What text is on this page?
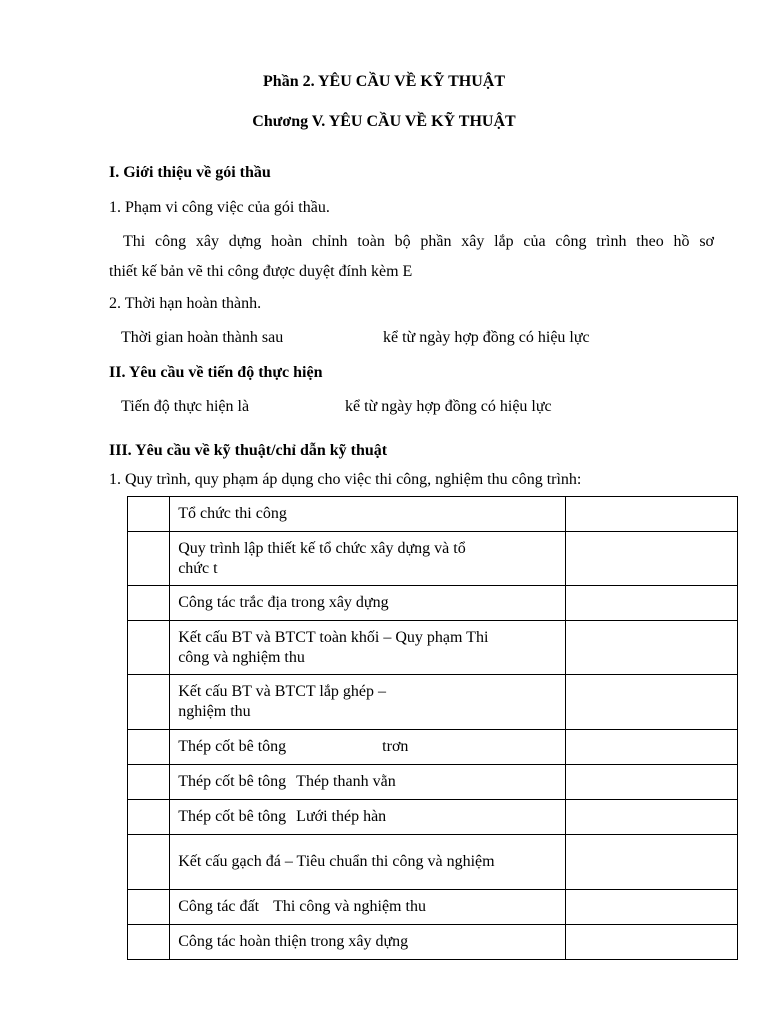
Phần 2. YÊU CẦU VỀ KỸ THUẬT
Chương V. YÊU CẦU VỀ KỸ THUẬT
I. Giới thiệu về gói thầu
1. Phạm vi công việc của gói thầu.
Thi công xây dựng hoàn chỉnh toàn bộ phần xây lắp của công trình theo hồ sơ
thiết kế bản vẽ thi công được duyệt đính kèm E
2. Thời hạn hoàn thành.
Thời gian hoàn thành sau	kể từ ngày hợp đồng có hiệu lực
II. Yêu cầu về tiến độ thực hiện
Tiến độ thực hiện là	kể từ ngày hợp đồng có hiệu lực
III. Yêu cầu về kỹ thuật/chỉ dẫn kỹ thuật
1. Quy trình, quy phạm áp dụng cho việc thi công, nghiệm thu công trình:
	Tổ chức thi công	
	Quy trình lập thiết kế tổ chức xây dựng và tổ
chức t	
	Công tác trắc địa trong xây dựng	
	Kết cấu BT và BTCT toàn khối – Quy phạm Thi
công và nghiệm thu	
	Kết cấu BT và BTCT lắp ghép –
nghiệm thu	
	Thép cốt bê tông trơn	
	Thép cốt bê tông Thép thanh vằn	
	Thép cốt bê tông Lưới thép hàn	
	Kết cấu gạch đá – Tiêu chuẩn thi công và nghiệm	
	Công tác đất Thi công và nghiệm thu	
	Công tác hoàn thiện trong xây dựng	
